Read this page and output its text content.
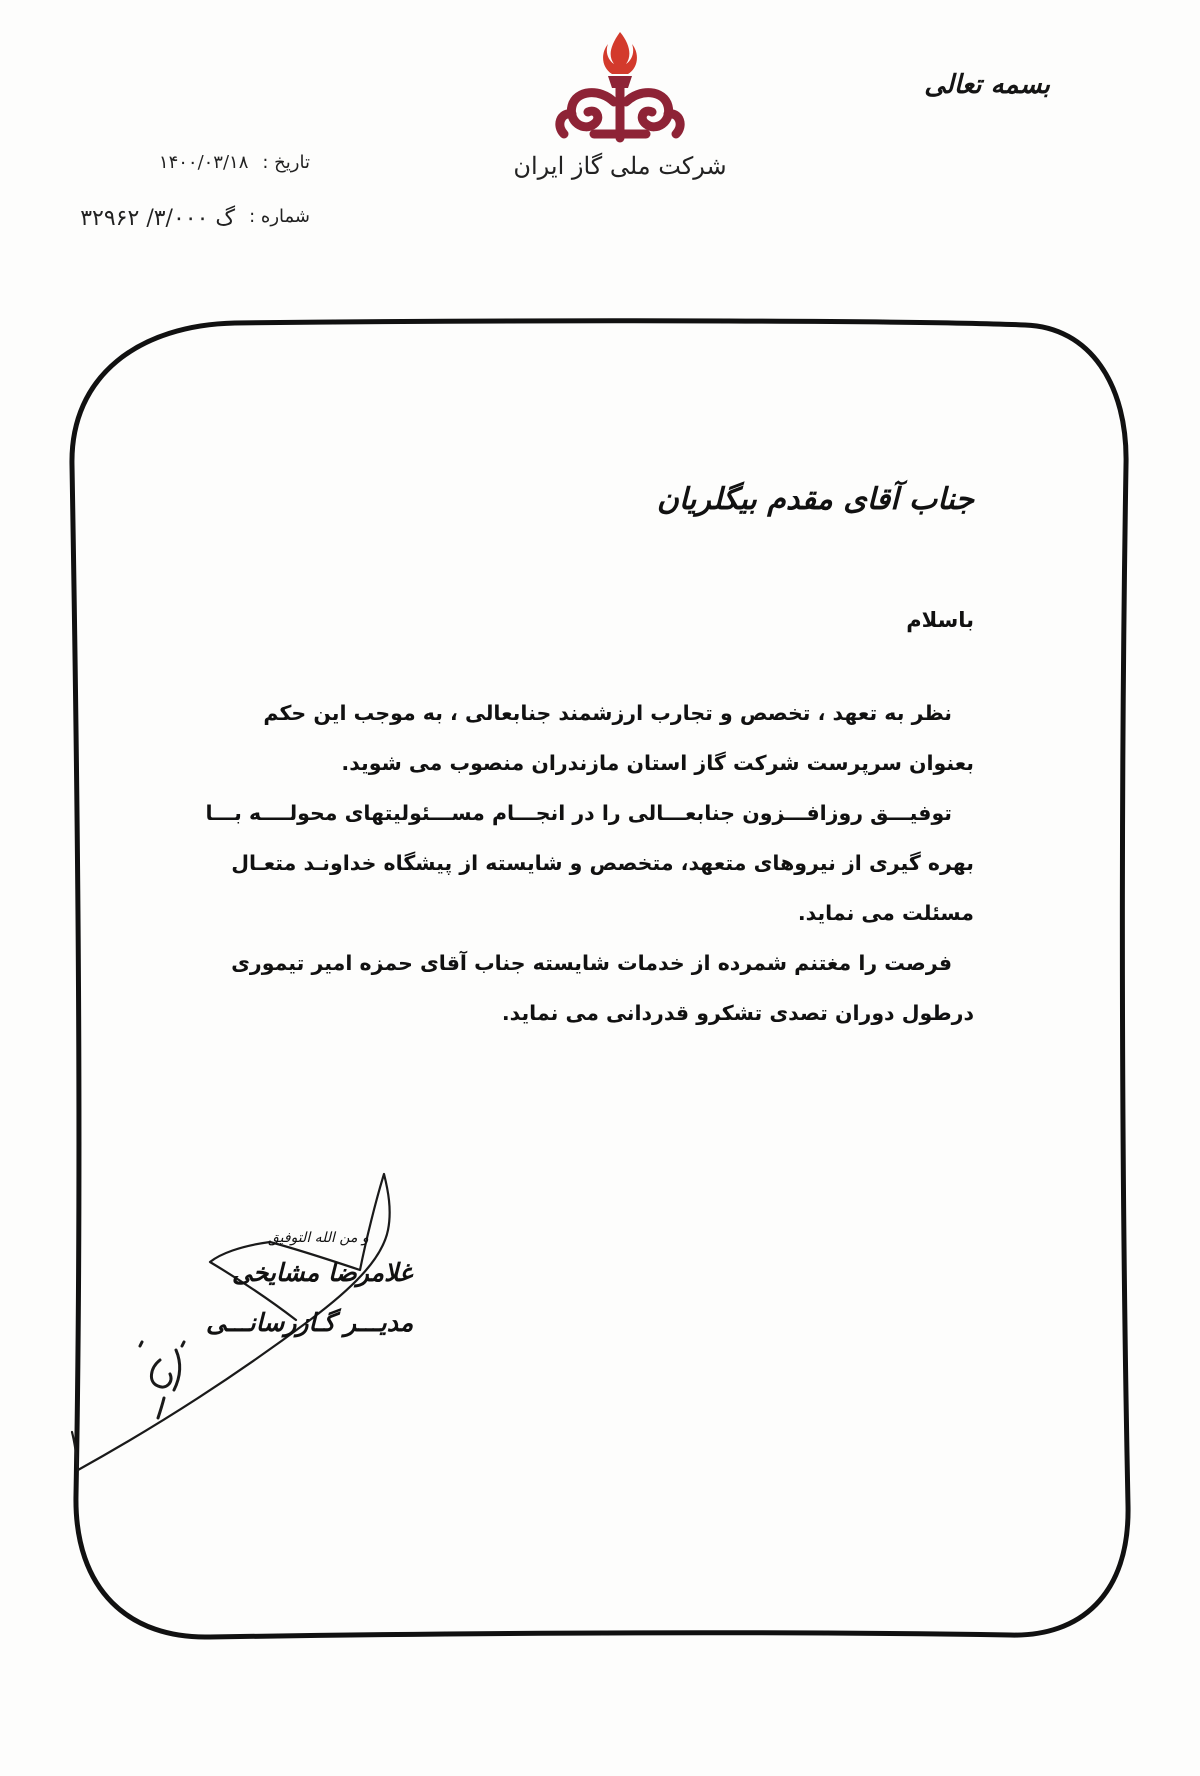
بسمه تعالی
شرکت ملی گاز ایران
تاریخ :
۱۴۰۰/۰۳/۱۸
شماره :
گ ۳/۰۰۰/ ۳۲۹۶۲
جناب آقای مقدم بیگلریان
باسلام
نظر به تعهد ، تخصص و تجارب ارزشمند جنابعالی ، به موجب این حکم
بعنوان سرپرست شرکت گاز استان مازندران منصوب می شوید.
توفیـــق روزافـــزون جنابعـــالی را در انجـــام مســـئولیتهای محولــــه بـــا
بهره گیری از نیروهای متعهد، متخصص و شایسته از پیشگاه خداونـد متعـال
مسئلت می نماید.
فرصت را مغتنم شمرده از خدمات شایسته جناب آقای حمزه امیر تیموری
درطول دوران تصدی تشکرو قدردانی می نماید.
و من الله التوفیق
غلامرضا مشایخی
مدیـــر گـازرسانـــی
